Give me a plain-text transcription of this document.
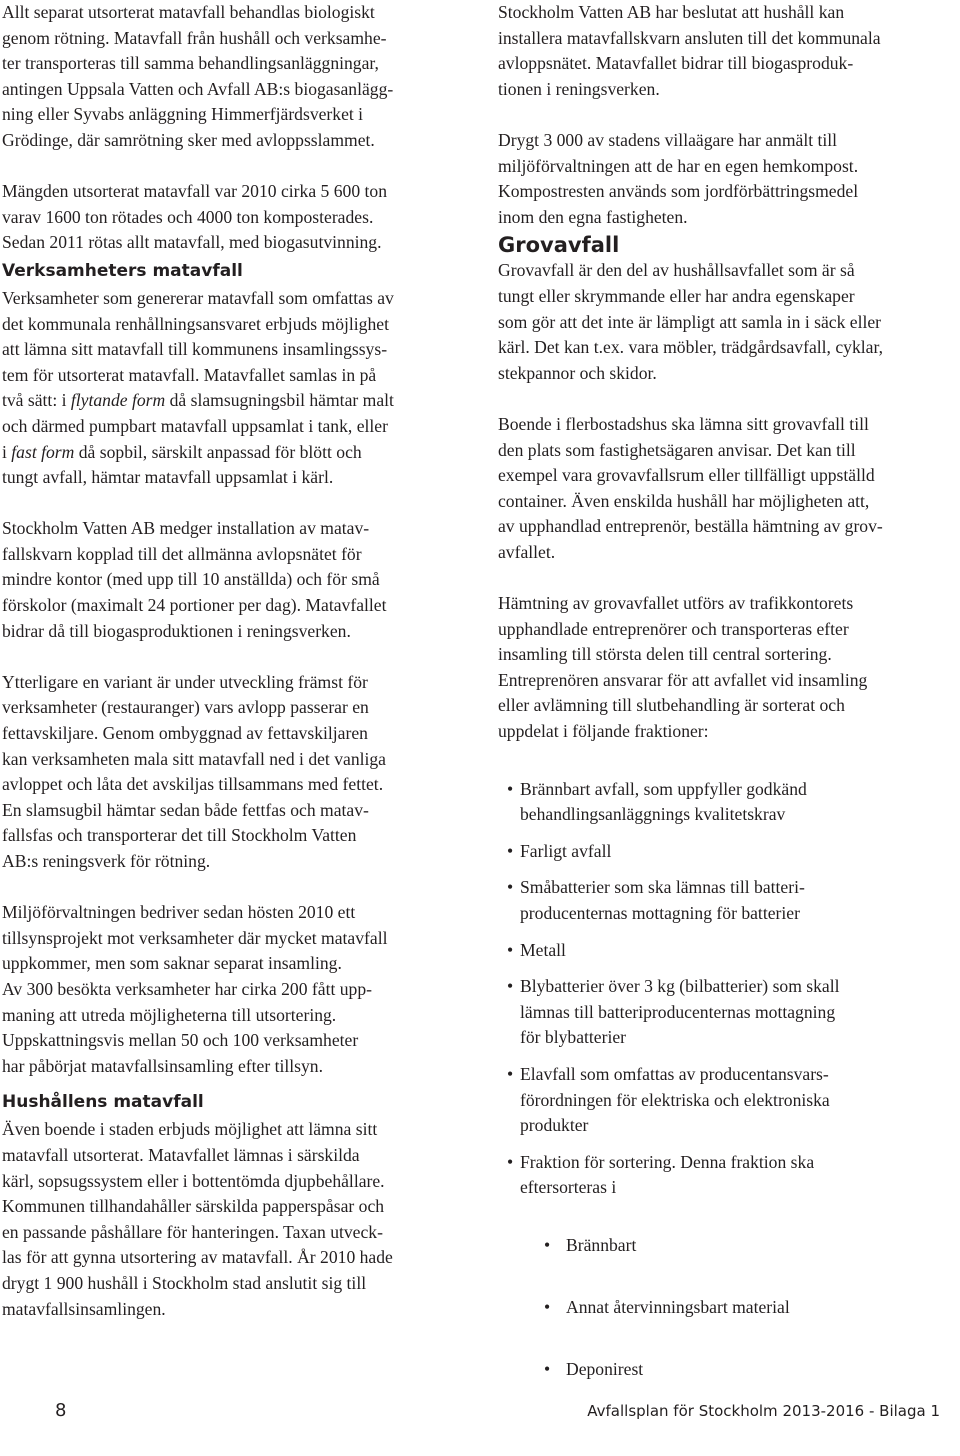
Allt separat utsorterat matavfall behandlas biologiskt
genom rötning. Matavfall från hushåll och verksamhe-
ter transporteras till samma behandlingsanläggningar,
antingen Uppsala Vatten och Avfall AB:s biogasanlägg-
ning eller Syvabs anläggning Himmerfjärdsverket i
Grödinge, där samrötning sker med avloppsslammet.

Mängden utsorterat matavfall var 2010 cirka 5 600 ton
varav 1600 ton rötades och 4000 ton komposterades.
Sedan 2011 rötas allt matavfall, med biogasutvinning.

Verksamheters matavfall

Verksamheter som genererar matavfall som omfattas av
det kommunala renhållningsansvaret erbjuds möjlighet
att lämna sitt matavfall till kommunens insamlingssys-
tem för utsorterat matavfall. Matavfallet samlas in på
två sätt: i flytande form då slamsugningsbil hämtar malt
och därmed pumpbart matavfall uppsamlat i tank, eller
i fast form då sopbil, särskilt anpassad för blött och
tungt avfall, hämtar matavfall uppsamlat i kärl.

Stockholm Vatten AB medger installation av matav-
fallskvarn kopplad till det allmänna avlopsnätet för
mindre kontor (med upp till 10 anställda) och för små
förskolor (maximalt 24 portioner per dag). Matavfallet
bidrar då till biogasproduktionen i reningsverken.

Ytterligare en variant är under utveckling främst för
verksamheter (restauranger) vars avlopp passerar en
fettavskiljare. Genom ombyggnad av fettavskiljaren
kan verksamheten mala sitt matavfall ned i det vanliga
avloppet och låta det avskiljas tillsammans med fettet.
En slamsugbil hämtar sedan både fettfas och matav-
fallsfas och transporterar det till Stockholm Vatten
AB:s reningsverk för rötning.

Miljöförvaltningen bedriver sedan hösten 2010 ett
tillsynsprojekt mot verksamheter där mycket matavfall
uppkommer, men som saknar separat insamling.
Av 300 besökta verksamheter har cirka 200 fått upp-
maning att utreda möjligheterna till utsortering.
Uppskattningsvis mellan 50 och 100 verksamheter
har påbörjat matavfallsinsamling efter tillsyn.

Hushållens matavfall

Även boende i staden erbjuds möjlighet att lämna sitt
matavfall utsorterat. Matavfallet lämnas i särskilda
kärl, sopsugssystem eller i bottentömda djupbehållare.
Kommunen tillhandahåller särskilda papperspåsar och
en passande påshållare för hanteringen. Taxan utveck-
las för att gynna utsortering av matavfall. År 2010 hade
drygt 1 900 hushåll i Stockholm stad anslutit sig till
matavfallsinsamlingen.

Stockholm Vatten AB har beslutat att hushåll kan
installera matavfallskvarn ansluten till det kommunala
avloppsnätet. Matavfallet bidrar till biogasproduk-
tionen i reningsverken.

Drygt 3 000 av stadens villaägare har anmält till
miljöförvaltningen att de har en egen hemkompost.
Kompostresten används som jordförbättringsmedel
inom den egna fastigheten.

Grovavfall

Grovavfall är den del av hushållsavfallet som är så
tungt eller skrymmande eller har andra egenskaper
som gör att det inte är lämpligt att samla in i säck eller
kärl. Det kan t.ex. vara möbler, trädgårdsavfall, cyklar,
stekpannor och skidor.

Boende i flerbostadshus ska lämna sitt grovavfall till
den plats som fastighetsägaren anvisar. Det kan till
exempel vara grovavfallsrum eller tillfälligt uppställd
container. Även enskilda hushåll har möjligheten att,
av upphandlad entreprenör, beställa hämtning av grov-
avfallet.

Hämtning av grovavfallet utförs av trafikkontorets
upphandlade entreprenörer och transporteras efter
insamling till största delen till central sortering.
Entreprenören ansvarar för att avfallet vid insamling
eller avlämning till slutbehandling är sorterat och
uppdelat i följande fraktioner:

• Brännbart avfall, som uppfyller godkänd
behandlingsanläggnings kvalitetskrav
• Farligt avfall
• Småbatterier som ska lämnas till batteri-
producenternas mottagning för batterier
• Metall
• Blybatterier över 3 kg (bilbatterier) som skall
lämnas till batteriproducenternas mottagning
för blybatterier
• Elavfall som omfattas av producentansvars-
förordningen för elektriska och elektroniska
produkter
• Fraktion för sortering. Denna fraktion ska
eftersorteras i

• Brännbart

• Annat återvinningsbart material

• Deponirest

8	Avfallsplan för Stockholm 2013-2016 - Bilaga 1
